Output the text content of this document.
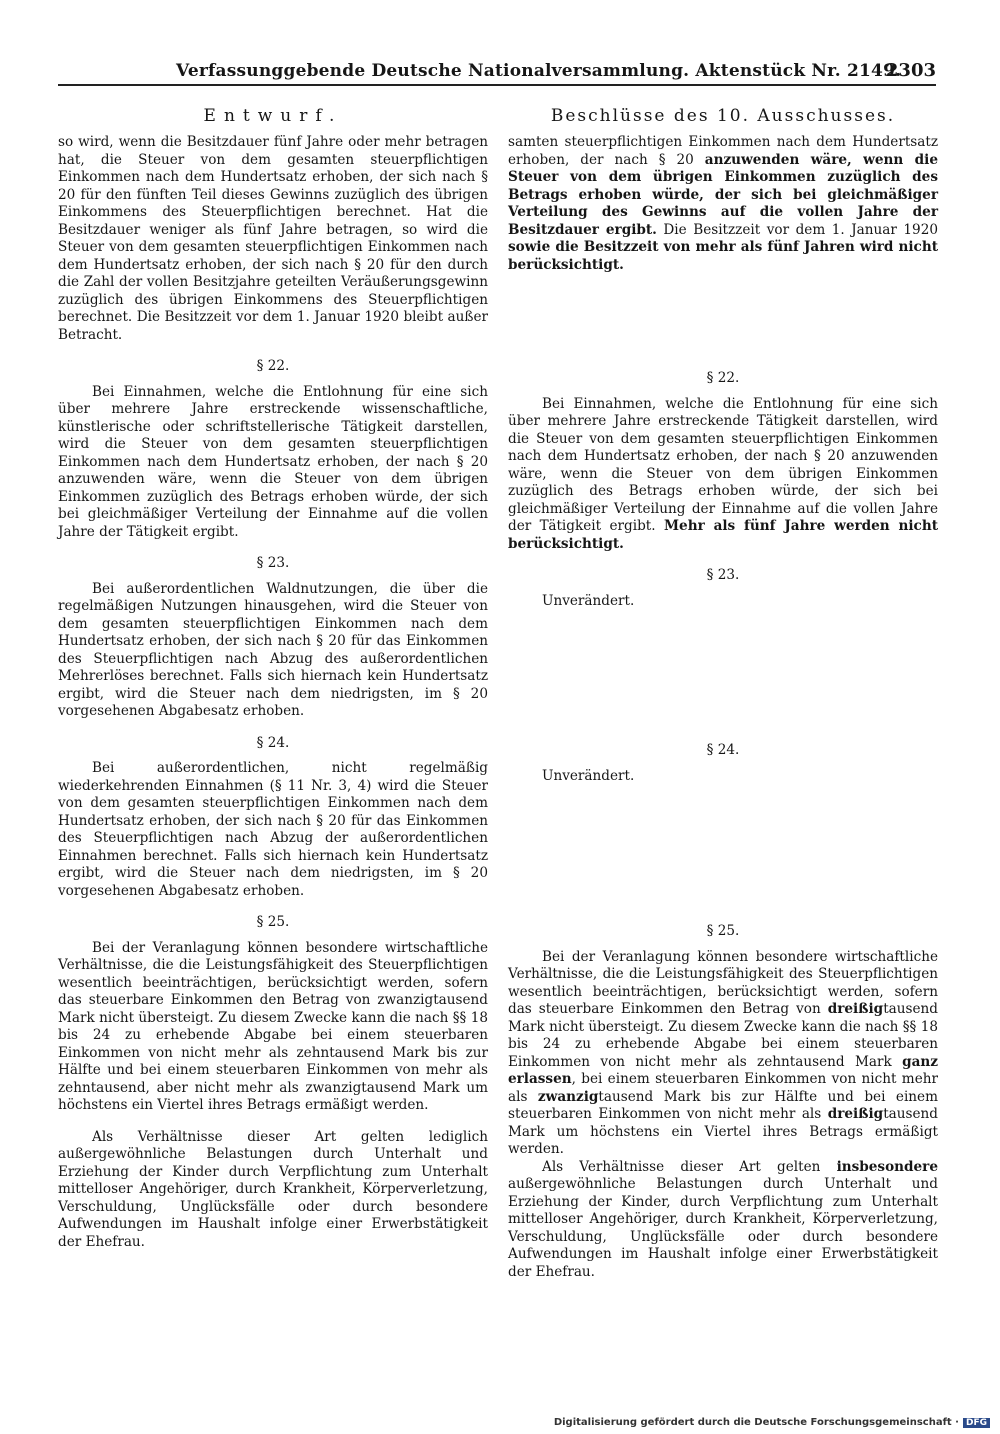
Verfassunggebende Deutsche Nationalversammlung. Aktenstück Nr. 2149.
2303
Entwurf.

so wird, wenn die Besitzdauer fünf Jahre oder mehr betragen hat, die Steuer von dem gesamten steuerpflichtigen Einkommen nach dem Hundertsatz erhoben, der sich nach § 20 für den fünften Teil dieses Gewinns zuzüglich des übrigen Einkommens des Steuerpflichtigen berechnet. Hat die Besitzdauer weniger als fünf Jahre betragen, so wird die Steuer von dem gesamten steuerpflichtigen Einkommen nach dem Hundertsatz erhoben, der sich nach § 20 für den durch die Zahl der vollen Besitzjahre geteilten Veräußerungsgewinn zuzüglich des übrigen Einkommens des Steuerpflichtigen berechnet. Die Besitzzeit vor dem 1. Januar 1920 bleibt außer Betracht.

§ 22.

Bei Einnahmen, welche die Entlohnung für eine sich über mehrere Jahre erstreckende wissenschaftliche, künstlerische oder schriftstellerische Tätigkeit darstellen, wird die Steuer von dem gesamten steuerpflichtigen Einkommen nach dem Hundertsatz erhoben, der nach § 20 anzuwenden wäre, wenn die Steuer von dem übrigen Einkommen zuzüglich des Betrags erhoben würde, der sich bei gleichmäßiger Verteilung der Einnahme auf die vollen Jahre der Tätigkeit ergibt.

§ 23.

Bei außerordentlichen Waldnutzungen, die über die regelmäßigen Nutzungen hinausgehen, wird die Steuer von dem gesamten steuerpflichtigen Einkommen nach dem Hundertsatz erhoben, der sich nach § 20 für das Einkommen des Steuerpflichtigen nach Abzug des außerordentlichen Mehrerlöses berechnet. Falls sich hiernach kein Hundertsatz ergibt, wird die Steuer nach dem niedrigsten, im § 20 vorgesehenen Abgabesatz erhoben.

§ 24.

Bei außerordentlichen, nicht regelmäßig wiederkehrenden Einnahmen (§ 11 Nr. 3, 4) wird die Steuer von dem gesamten steuerpflichtigen Einkommen nach dem Hundertsatz erhoben, der sich nach § 20 für das Einkommen des Steuerpflichtigen nach Abzug der außerordentlichen Einnahmen berechnet. Falls sich hiernach kein Hundertsatz ergibt, wird die Steuer nach dem niedrigsten, im § 20 vorgesehenen Abgabesatz erhoben.

§ 25.

Bei der Veranlagung können besondere wirtschaftliche Verhältnisse, die die Leistungsfähigkeit des Steuerpflichtigen wesentlich beeinträchtigen, berücksichtigt werden, sofern das steuerbare Einkommen den Betrag von zwanzigtausend Mark nicht übersteigt. Zu diesem Zwecke kann die nach §§ 18 bis 24 zu erhebende Abgabe bei einem steuerbaren Einkommen von nicht mehr als zehntausend Mark bis zur Hälfte und bei einem steuerbaren Einkommen von mehr als zehntausend, aber nicht mehr als zwanzigtausend Mark um höchstens ein Viertel ihres Betrags ermäßigt werden.

Als Verhältnisse dieser Art gelten lediglich außergewöhnliche Belastungen durch Unterhalt und Erziehung der Kinder durch Verpflichtung zum Unterhalt mittelloser Angehöriger, durch Krankheit, Körperverletzung, Verschuldung, Unglücksfälle oder durch besondere Aufwendungen im Haushalt infolge einer Erwerbstätigkeit der Ehefrau.

Beschlüsse des 10. Ausschusses.

samten steuerpflichtigen Einkommen nach dem Hundertsatz erhoben, der nach § 20 anzuwenden wäre, wenn die Steuer von dem übrigen Einkommen zuzüglich des Betrags erhoben würde, der sich bei gleichmäßiger Verteilung des Gewinns auf die vollen Jahre der Besitzdauer ergibt. Die Besitzzeit vor dem 1. Januar 1920 sowie die Besitzzeit von mehr als fünf Jahren wird nicht berücksichtigt.

§ 22.

Bei Einnahmen, welche die Entlohnung für eine sich über mehrere Jahre erstreckende Tätigkeit darstellen, wird die Steuer von dem gesamten steuerpflichtigen Einkommen nach dem Hundertsatz erhoben, der nach § 20 anzuwenden wäre, wenn die Steuer von dem übrigen Einkommen zuzüglich des Betrags erhoben würde, der sich bei gleichmäßiger Verteilung der Einnahme auf die vollen Jahre der Tätigkeit ergibt. Mehr als fünf Jahre werden nicht berücksichtigt.

§ 23.

Unverändert.

§ 24.

Unverändert.

§ 25.

Bei der Veranlagung können besondere wirtschaftliche Verhältnisse, die die Leistungsfähigkeit des Steuerpflichtigen wesentlich beeinträchtigen, berücksichtigt werden, sofern das steuerbare Einkommen den Betrag von dreißigtausend Mark nicht übersteigt. Zu diesem Zwecke kann die nach §§ 18 bis 24 zu erhebende Abgabe bei einem steuerbaren Einkommen von nicht mehr als zehntausend Mark ganz erlassen, bei einem steuerbaren Einkommen von nicht mehr als zwanzigtausend Mark bis zur Hälfte und bei einem steuerbaren Einkommen von nicht mehr als dreißigtausend Mark um höchstens ein Viertel ihres Betrags ermäßigt werden.

Als Verhältnisse dieser Art gelten insbesondere außergewöhnliche Belastungen durch Unterhalt und Erziehung der Kinder, durch Verpflichtung zum Unterhalt mittelloser Angehöriger, durch Krankheit, Körperverletzung, Verschuldung, Unglücksfälle oder durch besondere Aufwendungen im Haushalt infolge einer Erwerbstätigkeit der Ehefrau.

Digitalisierung gefördert durch die Deutsche Forschungsgemeinschaft · DFG
